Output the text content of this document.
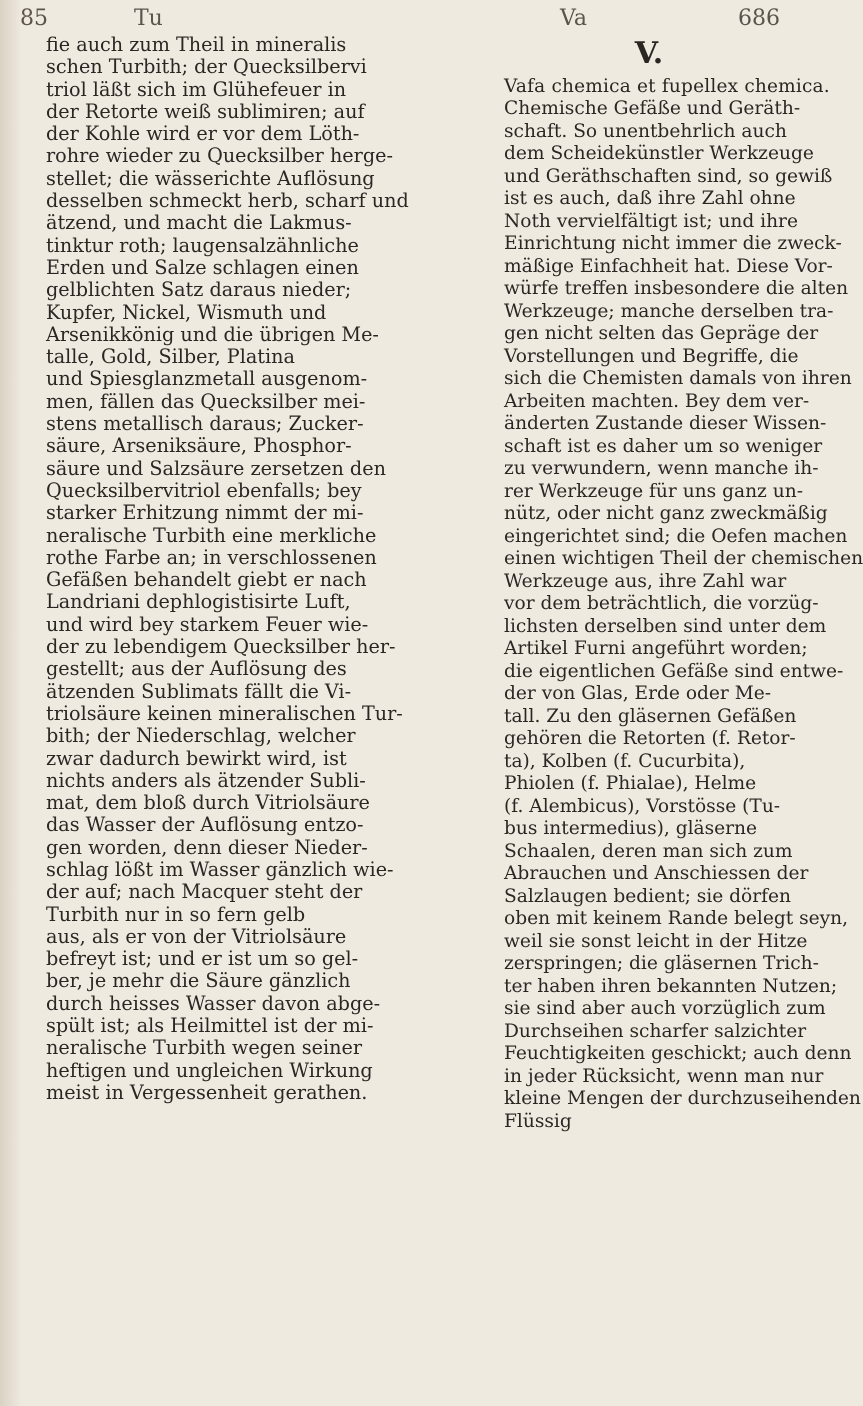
85	Tu	Va	686
fie auch zum Theil in mineralis
schen Turbith; der Quecksilbervi
triol läßt sich im Glühefeuer in
der Retorte weiß sublimiren; auf
der Kohle wird er vor dem Löth-
rohre wieder zu Quecksilber herge-
stellet; die wässerichte Auflösung
desselben schmeckt herb, scharf und
ätzend, und macht die Lakmus-
tinktur roth; laugensalzähnliche
Erden und Salze schlagen einen
gelblichten Satz daraus nieder;
Kupfer, Nickel, Wismuth und
Arsenikkönig und die übrigen Me-
talle, Gold, Silber, Platina
und Spiesglanzmetall ausgenom-
men, fällen das Quecksilber mei-
stens metallisch daraus; Zucker-
säure, Arseniksäure, Phosphor-
säure und Salzsäure zersetzen den
Quecksilbervitriol ebenfalls; bey
starker Erhitzung nimmt der mi-
neralische Turbith eine merkliche
rothe Farbe an; in verschlossenen
Gefäßen behandelt giebt er nach
Landriani dephlogistisirte Luft,
und wird bey starkem Feuer wie-
der zu lebendigem Quecksilber her-
gestellt; aus der Auflösung des
ätzenden Sublimats fällt die Vi-
triolsäure keinen mineralischen Tur-
bith; der Niederschlag, welcher
zwar dadurch bewirkt wird, ist
nichts anders als ätzender Subli-
mat, dem bloß durch Vitriolsäure
das Wasser der Auflösung entzo-
gen worden, denn dieser Nieder-
schlag lößt im Wasser gänzlich wie-
der auf; nach Macquer steht der
Turbith nur in so fern gelb
aus, als er von der Vitriolsäure
befreyt ist; und er ist um so gel-
ber, je mehr die Säure gänzlich
durch heisses Wasser davon abge-
spült ist; als Heilmittel ist der mi-
neralische Turbith wegen seiner
heftigen und ungleichen Wirkung
meist in Vergessenheit gerathen.
V.
Vafa chemica et fupellex chemica.
Chemische Gefäße und Geräth-
schaft. So unentbehrlich auch
dem Scheidekünstler Werkzeuge
und Geräthschaften sind, so gewiß
ist es auch, daß ihre Zahl ohne
Noth vervielfältigt ist; und ihre
Einrichtung nicht immer die zweck-
mäßige Einfachheit hat. Diese Vor-
würfe treffen insbesondere die alten
Werkzeuge; manche derselben tra-
gen nicht selten das Gepräge der
Vorstellungen und Begriffe, die
sich die Chemisten damals von ihren
Arbeiten machten. Bey dem ver-
änderten Zustande dieser Wissen-
schaft ist es daher um so weniger
zu verwundern, wenn manche ih-
rer Werkzeuge für uns ganz un-
nütz, oder nicht ganz zweckmäßig
eingerichtet sind; die Oefen machen
einen wichtigen Theil der chemischen
Werkzeuge aus, ihre Zahl war
vor dem beträchtlich, die vorzüg-
lichsten derselben sind unter dem
Artikel Furni angeführt worden;
die eigentlichen Gefäße sind entwe-
der von Glas, Erde oder Me-
tall. Zu den gläsernen Gefäßen
gehören die Retorten (f. Retor-
ta), Kolben (f. Cucurbita),
Phiolen (f. Phialae), Helme
(f. Alembicus), Vorstösse (Tu-
bus intermedius), gläserne
Schaalen, deren man sich zum
Abrauchen und Anschiessen der
Salzlaugen bedient; sie dörfen
oben mit keinem Rande belegt seyn,
weil sie sonst leicht in der Hitze
zerspringen; die gläsernen Trich-
ter haben ihren bekannten Nutzen;
sie sind aber auch vorzüglich zum
Durchseihen scharfer salzichter
Feuchtigkeiten geschickt; auch denn
in jeder Rücksicht, wenn man nur
kleine Mengen der durchzuseihenden
Flüssig
